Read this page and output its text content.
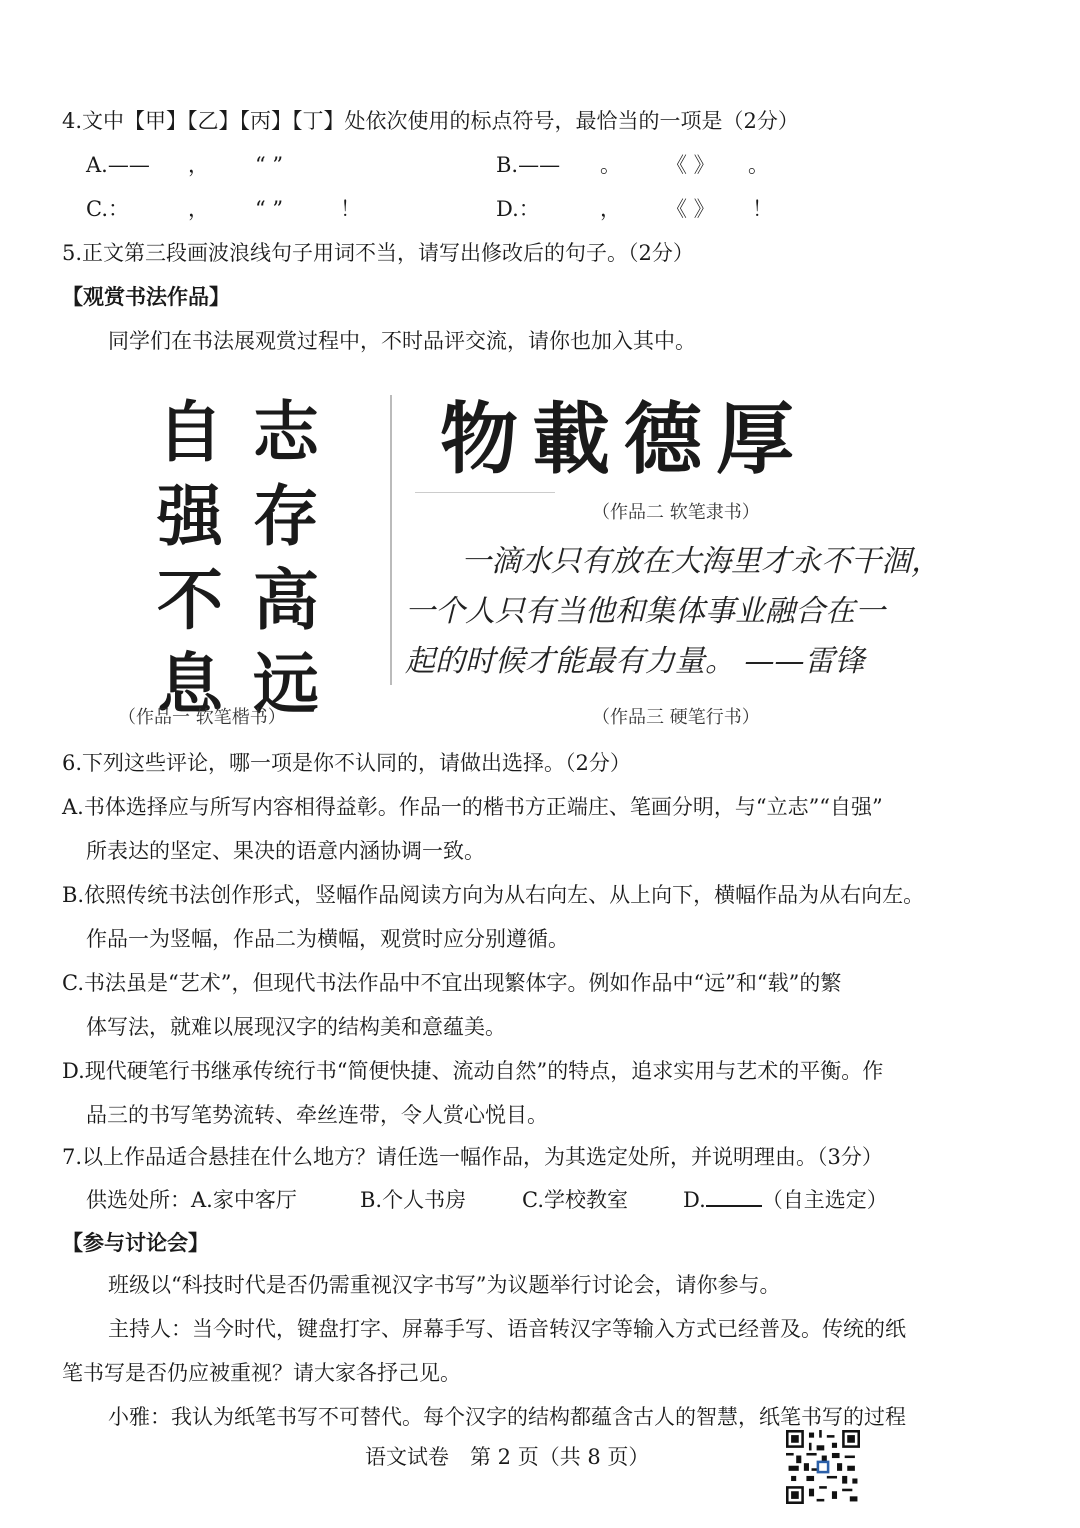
4.文中【甲】【乙】【丙】【丁】处依次使用的标点符号，最恰当的一项是（2分）
A.—— ， “ ”	B.—— 。 《 》 。
C.：	， “ ”	！	D.：	， 《 》 ！
5.正文第三段画波浪线句子用词不当，请写出修改后的句子。（2分）
【观赏书法作品】
同学们在书法展观赏过程中，不时品评交流，请你也加入其中。
自
强
不
息
志
存
高
远
物載德厚
（作品二 软笔隶书）
一滴水只有放在大海里才永不干涸，
一个人只有当他和集体事业融合在一
起的时候才能最有力量。 ——雷锋
（作品一 软笔楷书）	（作品三 硬笔行书）
6.下列这些评论，哪一项是你不认同的，请做出选择。（2分）
A.书体选择应与所写内容相得益彰。作品一的楷书方正端庄、笔画分明，与“立志”“自强”
所表达的坚定、果决的语意内涵协调一致。
B.依照传统书法创作形式，竖幅作品阅读方向为从右向左、从上向下，横幅作品为从右向左。
作品一为竖幅，作品二为横幅，观赏时应分别遵循。
C.书法虽是“艺术”，但现代书法作品中不宜出现繁体字。例如作品中“远”和“载”的繁
体写法，就难以展现汉字的结构美和意蕴美。
D.现代硬笔行书继承传统行书“简便快捷、流动自然”的特点，追求实用与艺术的平衡。作
品三的书写笔势流转、牵丝连带，令人赏心悦目。
7.以上作品适合悬挂在什么地方？请任选一幅作品，为其选定处所，并说明理由。（3分）
供选处所：A.家中客厅	B.个人书房	C.学校教室	D.	（自主选定）
【参与讨论会】
班级以“科技时代是否仍需重视汉字书写”为议题举行讨论会，请你参与。
主持人：当今时代，键盘打字、屏幕手写、语音转汉字等输入方式已经普及。传统的纸
笔书写是否仍应被重视？请大家各抒己见。
小雅：我认为纸笔书写不可替代。每个汉字的结构都蕴含古人的智慧，纸笔书写的过程
语文试卷　第 2 页（共 8 页）
